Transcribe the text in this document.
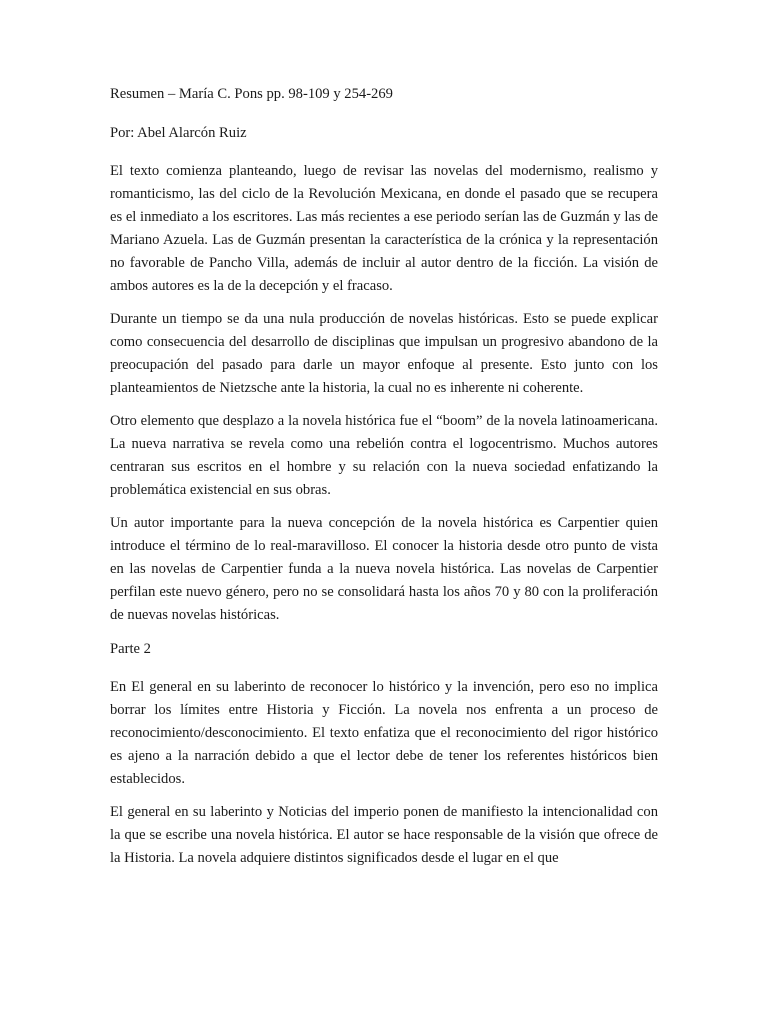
Resumen – María C. Pons pp. 98-109 y 254-269

Por: Abel Alarcón Ruiz

El texto comienza planteando, luego de revisar las novelas del modernismo, realismo y romanticismo, las del ciclo de la Revolución Mexicana, en donde el pasado que se recupera es el inmediato a los escritores. Las más recientes a ese periodo serían las de Guzmán y las de Mariano Azuela. Las de Guzmán presentan la característica de la crónica y la representación no favorable de Pancho Villa, además de incluir al autor dentro de la ficción. La visión de ambos autores es la de la decepción y el fracaso.

Durante un tiempo se da una nula producción de novelas históricas. Esto se puede explicar como consecuencia del desarrollo de disciplinas que impulsan un progresivo abandono de la preocupación del pasado para darle un mayor enfoque al presente. Esto junto con los planteamientos de Nietzsche ante la historia, la cual no es inherente ni coherente.

Otro elemento que desplazo a la novela histórica fue el “boom” de la novela latinoamericana. La nueva narrativa se revela como una rebelión contra el logocentrismo. Muchos autores centraran sus escritos en el hombre y su relación con la nueva sociedad enfatizando la problemática existencial en sus obras.

Un autor importante para la nueva concepción de la novela histórica es Carpentier quien introduce el término de lo real-maravilloso. El conocer la historia desde otro punto de vista en las novelas de Carpentier funda a la nueva novela histórica. Las novelas de Carpentier perfilan este nuevo género, pero no se consolidará hasta los años 70 y 80 con la proliferación de nuevas novelas históricas.

Parte 2

En El general en su laberinto de reconocer lo histórico y la invención, pero eso no implica borrar los límites entre Historia y Ficción. La novela nos enfrenta a un proceso de reconocimiento/desconocimiento. El texto enfatiza que el reconocimiento del rigor histórico es ajeno a la narración debido a que el lector debe de tener los referentes históricos bien establecidos.

El general en su laberinto y Noticias del imperio ponen de manifiesto la intencionalidad con la que se escribe una novela histórica. El autor se hace responsable de la visión que ofrece de la Historia. La novela adquiere distintos significados desde el lugar en el que
